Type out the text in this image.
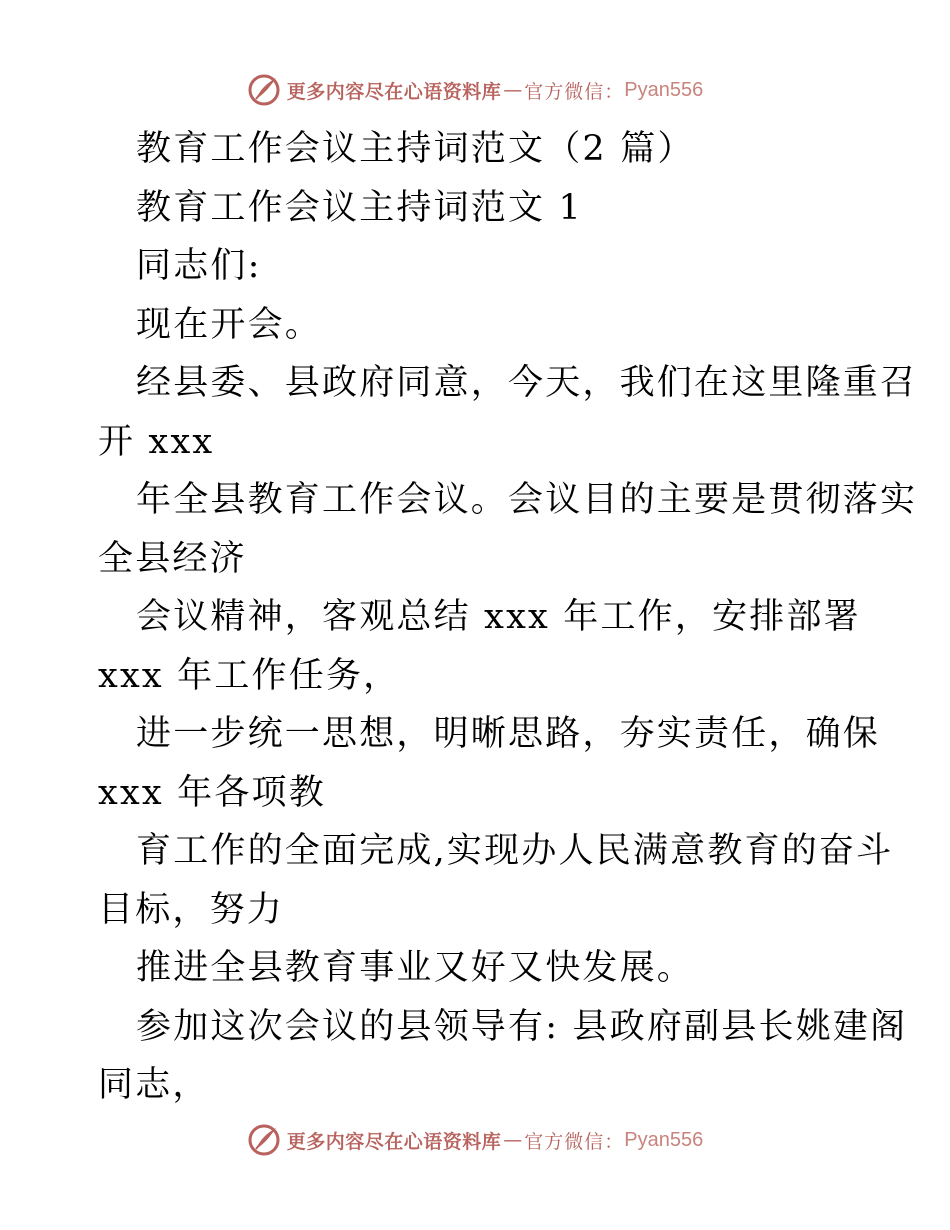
更多内容尽在心语资料库 — 官方微信： Pyan556
教育工作会议主持词范文（2 篇）
教育工作会议主持词范文 1
同志们:
现在开会。
经县委、县政府同意，今天，我们在这里隆重召
开 xxx
年全县教育工作会议。会议目的主要是贯彻落实
全县经济
会议精神，客观总结 xxx 年工作，安排部署
xxx 年工作任务，
进一步统一思想，明晰思路，夯实责任，确保
xxx 年各项教
育工作的全面完成,实现办人民满意教育的奋斗
目标，努力
推进全县教育事业又好又快发展。
参加这次会议的县领导有: 县政府副县长姚建阁
同志，
更多内容尽在心语资料库 — 官方微信： Pyan556
